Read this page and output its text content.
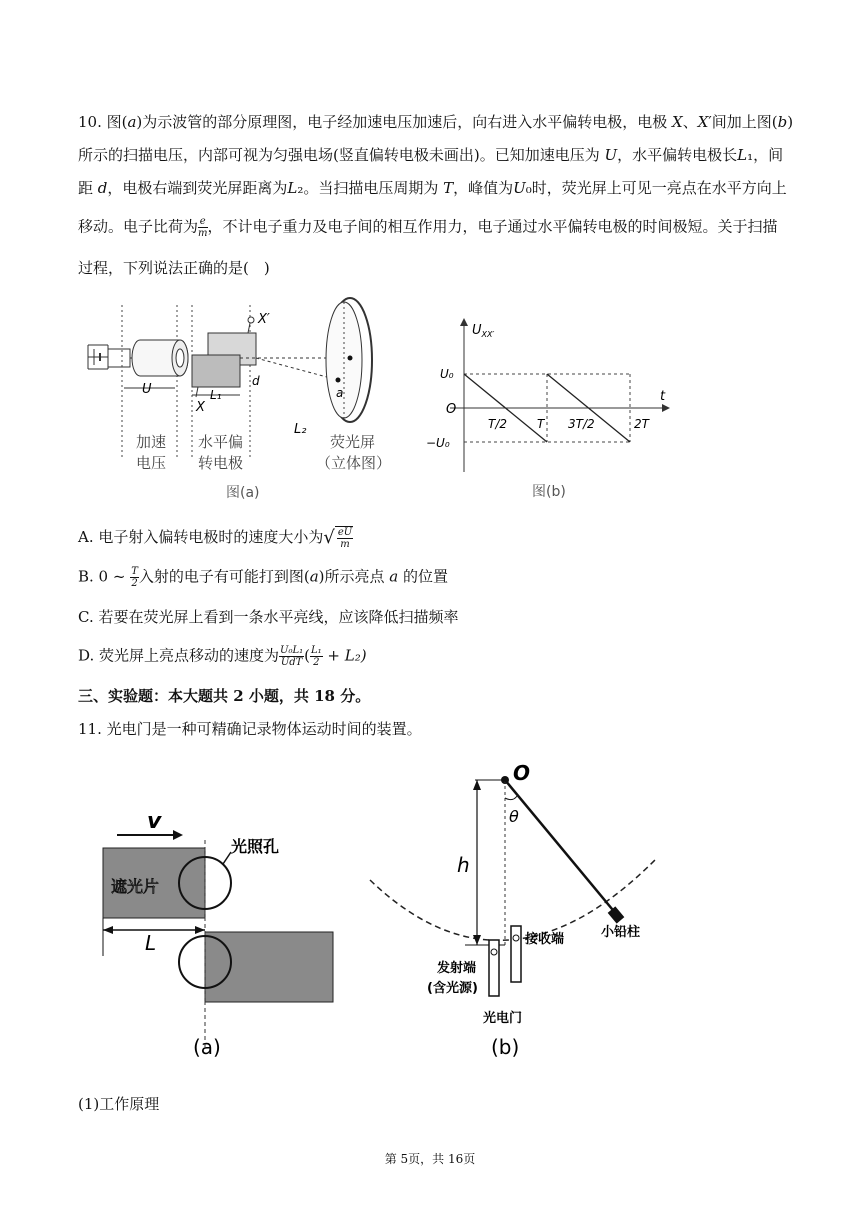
10. 图(𝑎)为示波管的部分原理图，电子经加速电压加速后，向右进入水平偏转电极，电极 𝑋、𝑋′间加上图(𝑏)
所示的扫描电压，内部可视为匀强电场(竖直偏转电极未画出)。已知加速电压为 𝑈，水平偏转电极长𝐿₁，间
距 𝑑，电极右端到荧光屏距离为𝐿₂。当扫描电压周期为 𝑇，峰值为𝑈₀时，荧光屏上可见一亮点在水平方向上
移动。电子比荷为 $\frac{e}{m}$ ，不计电子重力及电子间的相互作用力，电子通过水平偏转电极的时间极短。关于扫描
过程，下列说法正确的是(　)
U
X′
X
L₁
d
a
L₂
加速
电压
水平偏
转电极
荧光屏
（立体图）
图(a)
$U_{XX'}$
t
O
U₀
−U₀
T/2 T 3T/2	2T
图(b)
A. 电子射入偏转电极时的速度大小为√ $\frac{eU}{m}$
B. 0 ~ $\frac{T}{2}$ 入射的电子有可能打到图(𝑎)所示亮点 𝑎 的位置
C. 若要在荧光屏上看到一条水平亮线，应该降低扫描频率
D. 荧光屏上亮点移动的速度为 $\frac{\text{U₀L₁}}{\text{UdT}}$ ( $\frac{\text{L₁}}{2} + L_2$)
三、实验题：本大题共 2 小题，共 18 分。
11. 光电门是一种可精确记录物体运动时间的装置。
v
光照孔
遮光片
L
(a)
O
θ
h
接收端	小铅柱
发射端
(含光源)
光电门
(b)
(1)工作原理
第 5页，共 16页
